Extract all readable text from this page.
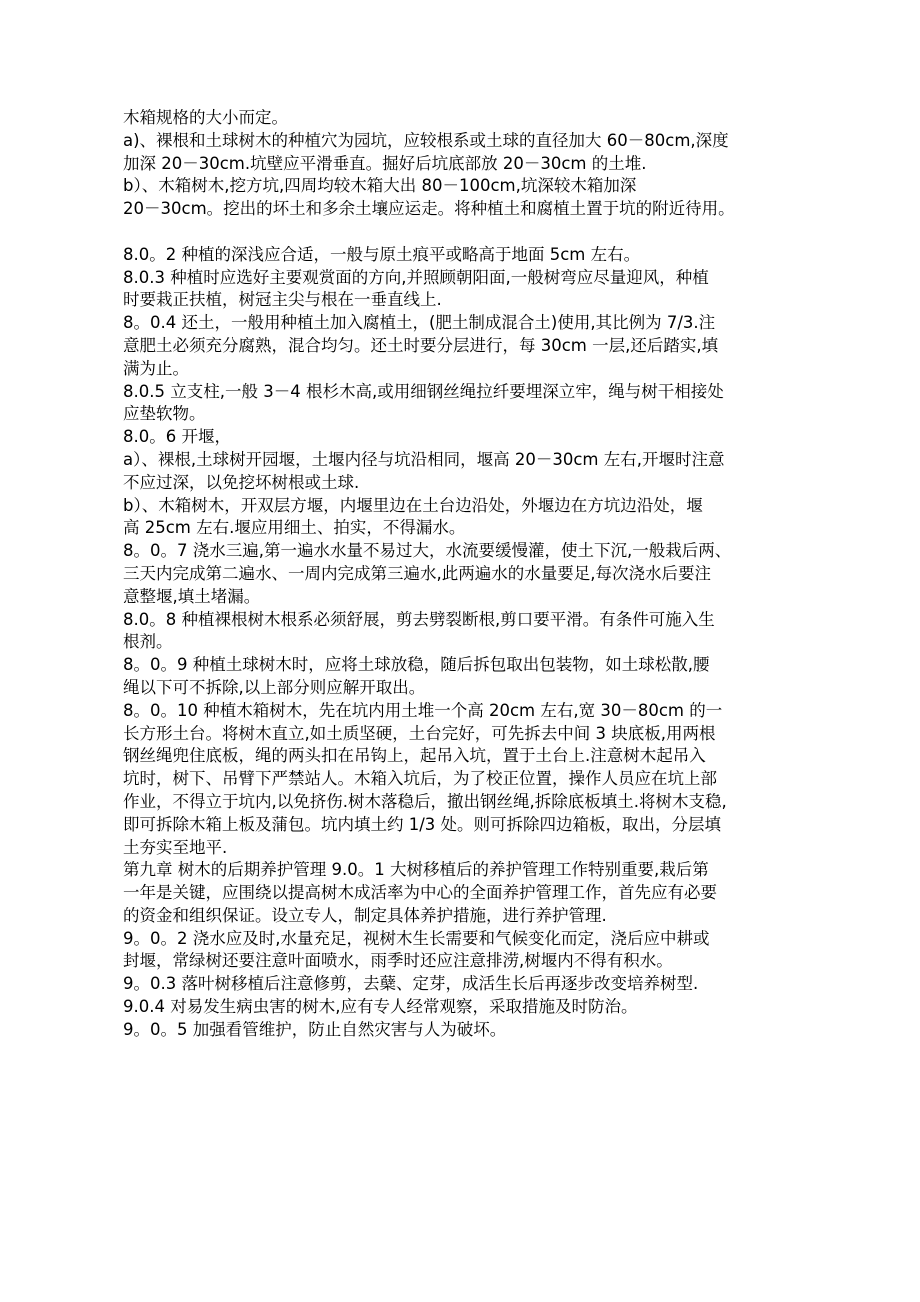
木箱规格的大小而定。
a)、裸根和土球树木的种植穴为园坑，应较根系或土球的直径加大 60－80cm,深度
加深 20－30cm.坑壁应平滑垂直。掘好后坑底部放 20－30cm 的土堆.
b）、木箱树木,挖方坑,四周均较木箱大出 80－100cm,坑深较木箱加深
20－30cm。挖出的坏土和多余土壤应运走。将种植土和腐植土置于坑的附近待用。
8.0。2 种植的深浅应合适，一般与原土痕平或略高于地面 5cm 左右。
8.0.3 种植时应选好主要观赏面的方向,并照顾朝阳面,一般树弯应尽量迎风，种植
时要栽正扶植，树冠主尖与根在一垂直线上.
8。0.4 还土，一般用种植土加入腐植土，(肥土制成混合土)使用,其比例为 7/3.注
意肥土必须充分腐熟，混合均匀。还土时要分层进行，每 30cm 一层,还后踏实,填
满为止。
8.0.5 立支柱,一般 3－4 根杉木高,或用细钢丝绳拉纤要埋深立牢，绳与树干相接处
应垫软物。
8.0。6 开堰，
a）、裸根,土球树开园堰，土堰内径与坑沿相同，堰高 20－30cm 左右,开堰时注意
不应过深，以免挖坏树根或土球.
b）、木箱树木，开双层方堰，内堰里边在土台边沿处，外堰边在方坑边沿处，堰
高 25cm 左右.堰应用细土、拍实，不得漏水。
8。0。7 浇水三遍,第一遍水水量不易过大，水流要缓慢灌，使土下沉,一般栽后两、
三天内完成第二遍水、一周内完成第三遍水,此两遍水的水量要足,每次浇水后要注
意整堰,填土堵漏。
8.0。8 种植裸根树木根系必须舒展，剪去劈裂断根,剪口要平滑。有条件可施入生
根剂。
8。0。9 种植土球树木时，应将土球放稳，随后拆包取出包装物，如土球松散,腰
绳以下可不拆除,以上部分则应解开取出。
8。0。10 种植木箱树木，先在坑内用土堆一个高 20cm 左右,宽 30－80cm 的一
长方形土台。将树木直立,如土质坚硬，土台完好，可先拆去中间 3 块底板,用两根
钢丝绳兜住底板，绳的两头扣在吊钩上，起吊入坑，置于土台上.注意树木起吊入
坑时，树下、吊臂下严禁站人。木箱入坑后，为了校正位置，操作人员应在坑上部
作业，不得立于坑内,以免挤伤.树木落稳后，撤出钢丝绳,拆除底板填土.将树木支稳,
即可拆除木箱上板及蒲包。坑内填土约 1/3 处。则可拆除四边箱板，取出，分层填
土夯实至地平.
第九章 树木的后期养护管理 9.0。1 大树移植后的养护管理工作特别重要,栽后第
一年是关键，应围绕以提高树木成活率为中心的全面养护管理工作，首先应有必要
的资金和组织保证。设立专人，制定具体养护措施，进行养护管理.
9。0。2 浇水应及时,水量充足，视树木生长需要和气候变化而定，浇后应中耕或
封堰，常绿树还要注意叶面喷水，雨季时还应注意排涝,树堰内不得有积水。
9。0.3 落叶树移植后注意修剪，去蘖、定芽，成活生长后再逐步改变培养树型.
9.0.4 对易发生病虫害的树木,应有专人经常观察，采取措施及时防治。
9。0。5 加强看管维护，防止自然灾害与人为破坏。
